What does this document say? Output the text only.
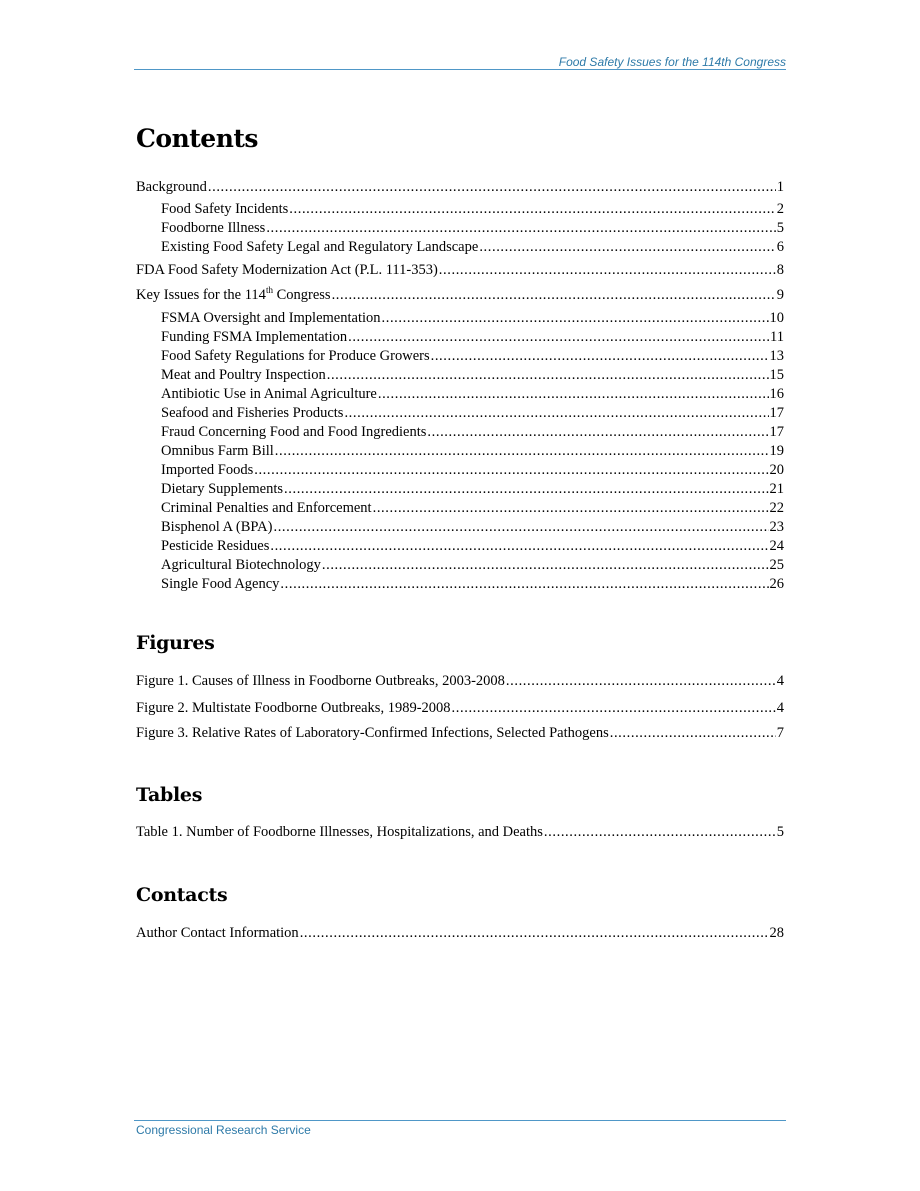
Food Safety Issues for the 114th Congress

Contents
Background .....	1
Food Safety Incidents .....	2
Foodborne Illness .....	5
Existing Food Safety Legal and Regulatory Landscape .....	6
FDA Food Safety Modernization Act (P.L. 111-353) .....	8
Key Issues for the 114th Congress .....	9
FSMA Oversight and Implementation .....	10
Funding FSMA Implementation .....	11
Food Safety Regulations for Produce Growers .....	13
Meat and Poultry Inspection .....	15
Antibiotic Use in Animal Agriculture .....	16
Seafood and Fisheries Products .....	17
Fraud Concerning Food and Food Ingredients .....	17
Omnibus Farm Bill .....	19
Imported Foods .....	20
Dietary Supplements .....	21
Criminal Penalties and Enforcement .....	22
Bisphenol A (BPA) .....	23
Pesticide Residues .....	24
Agricultural Biotechnology .....	25
Single Food Agency .....	26
Figures
Figure 1. Causes of Illness in Foodborne Outbreaks, 2003-2008 .....	4
Figure 2. Multistate Foodborne Outbreaks, 1989-2008 .....	4
Figure 3. Relative Rates of Laboratory-Confirmed Infections, Selected Pathogens .....	7
Tables
Table 1. Number of Foodborne Illnesses, Hospitalizations, and Deaths .....	5
Contacts
Author Contact Information .....	28

Congressional Research Service
